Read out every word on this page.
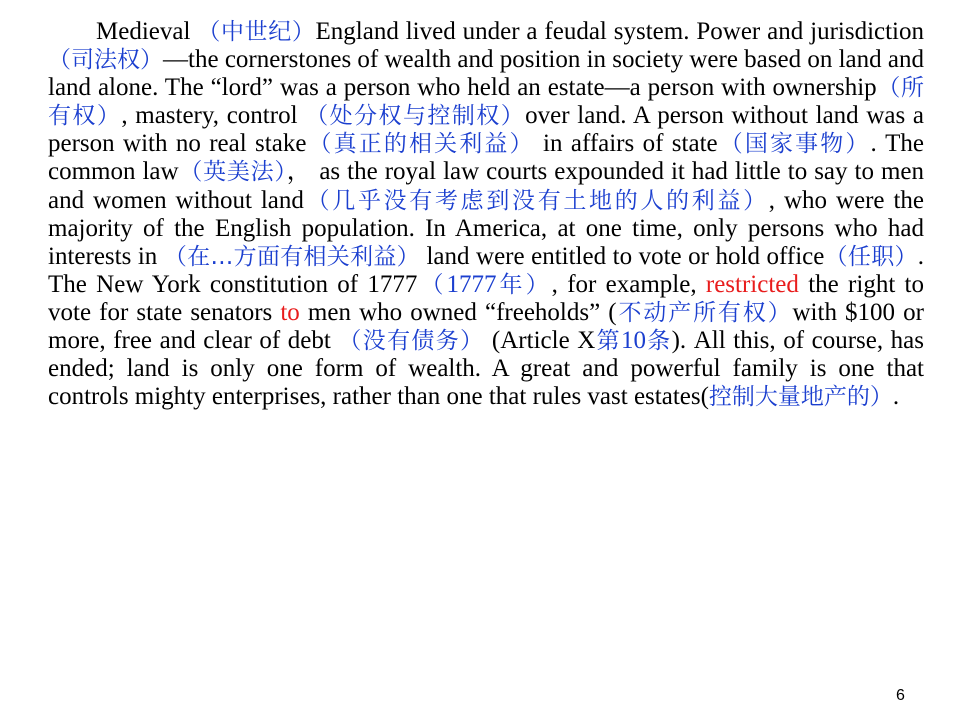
Medieval （中世纪）England lived under a feudal system. Power and jurisdiction（司法权）—the cornerstones of wealth and position in society were based on land and land alone. The “lord” was a person who held an estate—a person with ownership（所有权）, mastery, control （处分权与控制权）over land. A person without land was a person with no real stake（真正的相关利益） in affairs of state（国家事物）. The common law（英美法）， as the royal law courts expounded it had little to say to men and women without land（几乎没有考虑到没有土地的人的利益）, who were the majority of the English population. In America, at one time, only persons who had interests in （在…方面有相关利益） land were entitled to vote or hold office（任职）. The New York constitution of 1777（1777年）, for example, restricted the right to vote for state senators to men who owned “freeholds” (不动产所有权）with $100 or more, free and clear of debt （没有债务） (Article X第10条). All this, of course, has ended; land is only one form of wealth. A great and powerful family is one that controls mighty enterprises, rather than one that rules vast estates(控制大量地产的）.

6
